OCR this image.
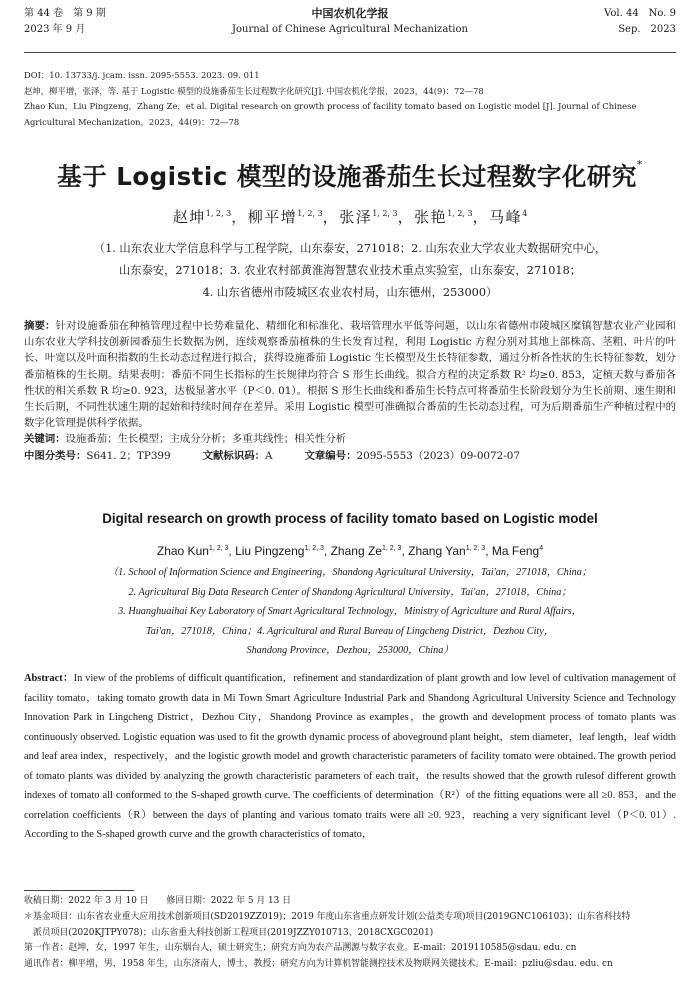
第 44 卷　第 9 期
2023 年 9 月
中国农机化学报
Journal of Chinese Agricultural Mechanization
Vol. 44　No. 9
Sep.　2023
DOI：10. 13733/j. jcam. issn. 2095-5553. 2023. 09. 011
赵坤，柳平增，张泽，等. 基于 Logistic 模型的设施番茄生长过程数字化研究[J]. 中国农机化学报，2023，44(9)：72—78
Zhao Kun，Liu Pingzeng，Zhang Ze，et al. Digital research on growth process of facility tomato based on Logistic model [J]. Journal of Chinese
Agricultural Mechanization，2023，44(9)：72—78
基于 Logistic 模型的设施番茄生长过程数字化研究*
赵坤$^{1, 2, 3}$，柳平增$^{1, 2, 3}$，张泽$^{1, 2, 3}$，张艳$^{1, 2, 3}$，马峰$^4$
（1. 山东农业大学信息科学与工程学院，山东泰安，271018；2. 山东农业大学农业大数据研究中心，
山东泰安，271018；3. 农业农村部黄淮海智慧农业技术重点实验室，山东泰安，271018；
4. 山东省德州市陵城区农业农村局，山东德州，253000）

摘要：针对设施番茄在种植管理过程中长势难量化、精细化和标准化、栽培管理水平低等问题，以山东省德州市陵城区糜镇智慧农业产业园和山东农业大学科技创新园番茄生长数据为例，连续观察番茄植株的生长发育过程，利用 Logistic 方程分别对其地上部株高、茎粗、叶片的叶长、叶宽以及叶面积指数的生长动态过程进行拟合，获得设施番茄 Logistic 生长模型及生长特征参数，通过分析各性状的生长特征参数，划分番茄植株的生长期。结果表明：番茄不同生长指标的生长规律均符合 S 形生长曲线。拟合方程的决定系数 R² 均≥0. 853，定植天数与番茄各性状的相关系数 R 均≥0. 923，达极显著水平（P＜0. 01）。根据 S 形生长曲线和番茄生长特点可将番茄生长阶段划分为生长前期、速生期和生长后期，不同性状速生期的起始和持续时间存在差异。采用 Logistic 模型可准确拟合番茄的生长动态过程，可为后期番茄生产种植过程中的数字化管理提供科学依据。

关键词：设施番茄；生长模型；主成分分析；多重共线性；相关性分析

中图分类号：S641. 2；TP399	文献标识码：A	文章编号：2095-5553（2023）09-0072-07

Digital research on growth process of facility tomato based on Logistic model
Zhao Kun$^{1, 2, 3}$, Liu Pingzeng$^{1, 2, 3}$, Zhang Ze$^{1, 2, 3}$, Zhang Yan$^{1, 2, 3}$, Ma Feng$^4$
（1. School of Information Science and Engineering，Shandong Agricultural University，Tai'an，271018，China；
2. Agricultural Big Data Research Center of Shandong Agricultural University，Tai'an，271018，China；
3. Huanghuaihai Key Laboratory of Smart Agricultural Technology，Ministry of Agriculture and Rural Affairs，
Tai'an，271018，China；4. Agricultural and Rural Bureau of Lingcheng District，Dezhou City，
Shandong Province，Dezhou，253000，China）

Abstract：In view of the problems of difficult quantification，refinement and standardization of plant growth and low level of cultivation management of facility tomato，taking tomato growth data in Mi Town Smart Agriculture Industrial Park and Shandong Agricultural University Science and Technology Innovation Park in Lingcheng District，Dezhou City，Shandong Province as examples，the growth and development process of tomato plants was continuously observed. Logistic equation was used to fit the growth dynamic process of aboveground plant height，stem diameter，leaf length，leaf width and leaf area index，respectively，and the logistic growth model and growth characteristic parameters of facility tomato were obtained. The growth period of tomato plants was divided by analyzing the growth characteristic parameters of each trait，the results showed that the growth rulesof different growth indexes of tomato all conformed to the S-shaped growth curve. The coefficients of determination（R²）of the fitting equations were all ≥0. 853，and the correlation coefficients（R）between the days of planting and various tomato traits were all ≥0. 923，reaching a very significant level（P＜0. 01）. According to the S-shaped growth curve and the growth characteristics of tomato，

收稿日期：2022 年 3 月 10 日　　修回日期：2022 年 5 月 13 日
＊基金项目：山东省农业重大应用技术创新项目(SD2019ZZ019)；2019 年度山东省重点研发计划(公益类专项)项目(2019GNC106103)；山东省科技特
　派员项目(2020KJTPY078)；山东省重大科技创新工程项目(2019JZZY010713、2018CXGC0201)
第一作者：赵坤，女，1997 年生，山东烟台人，硕士研究生；研究方向为农产品溯源与数字农业。E-mail：2019110585@sdau. edu. cn
通讯作者：柳平增，男，1958 年生，山东济南人，博士，教授；研究方向为计算机智能测控技术及物联网关键技术。E-mail：pzliu@sdau. edu. cn
